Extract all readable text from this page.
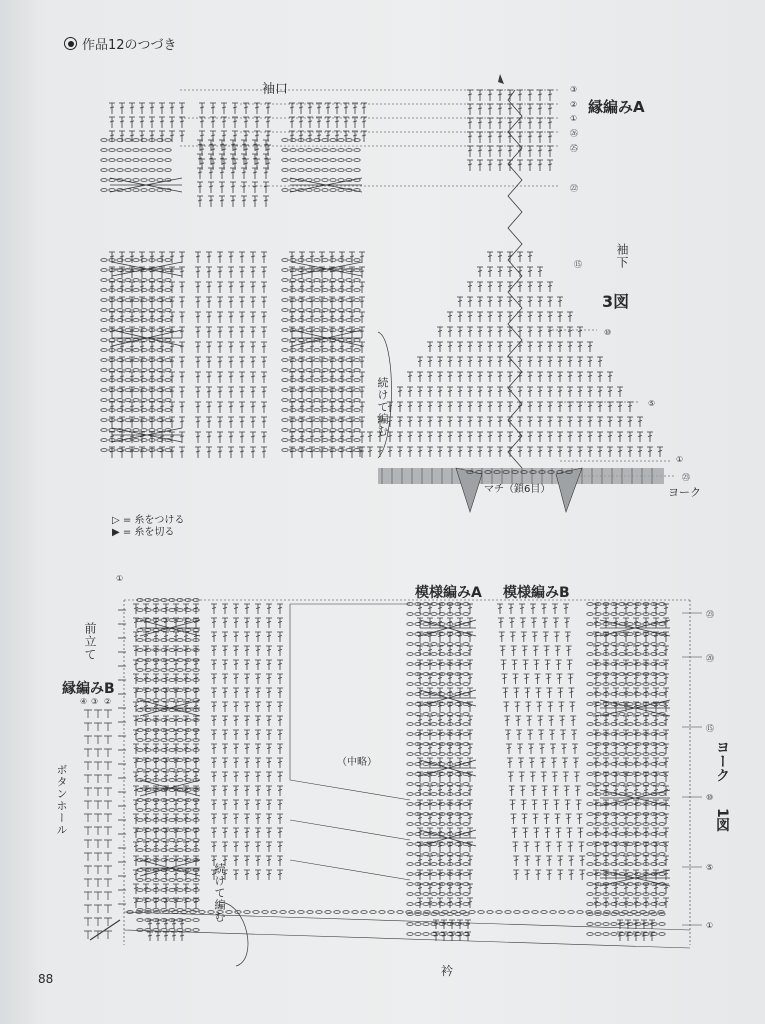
作品12のつづき
袖口
縁編みA
袖下
3図
続けて編む
マチ（鎖6目）	ヨーク
③
②
①
㉖
㉕
㉒
⑮
⑩
⑤
①
㉓
▷ = 糸をつける
▶ = 糸を切る
模様編みA 模様編みB
①
前立て
縁編みB
④ ③ ②
ボタンホール
（中略）
続けて編む
ヨーク
1図
衿
㉓
⑳
⑮
⑩
⑤
①
88
